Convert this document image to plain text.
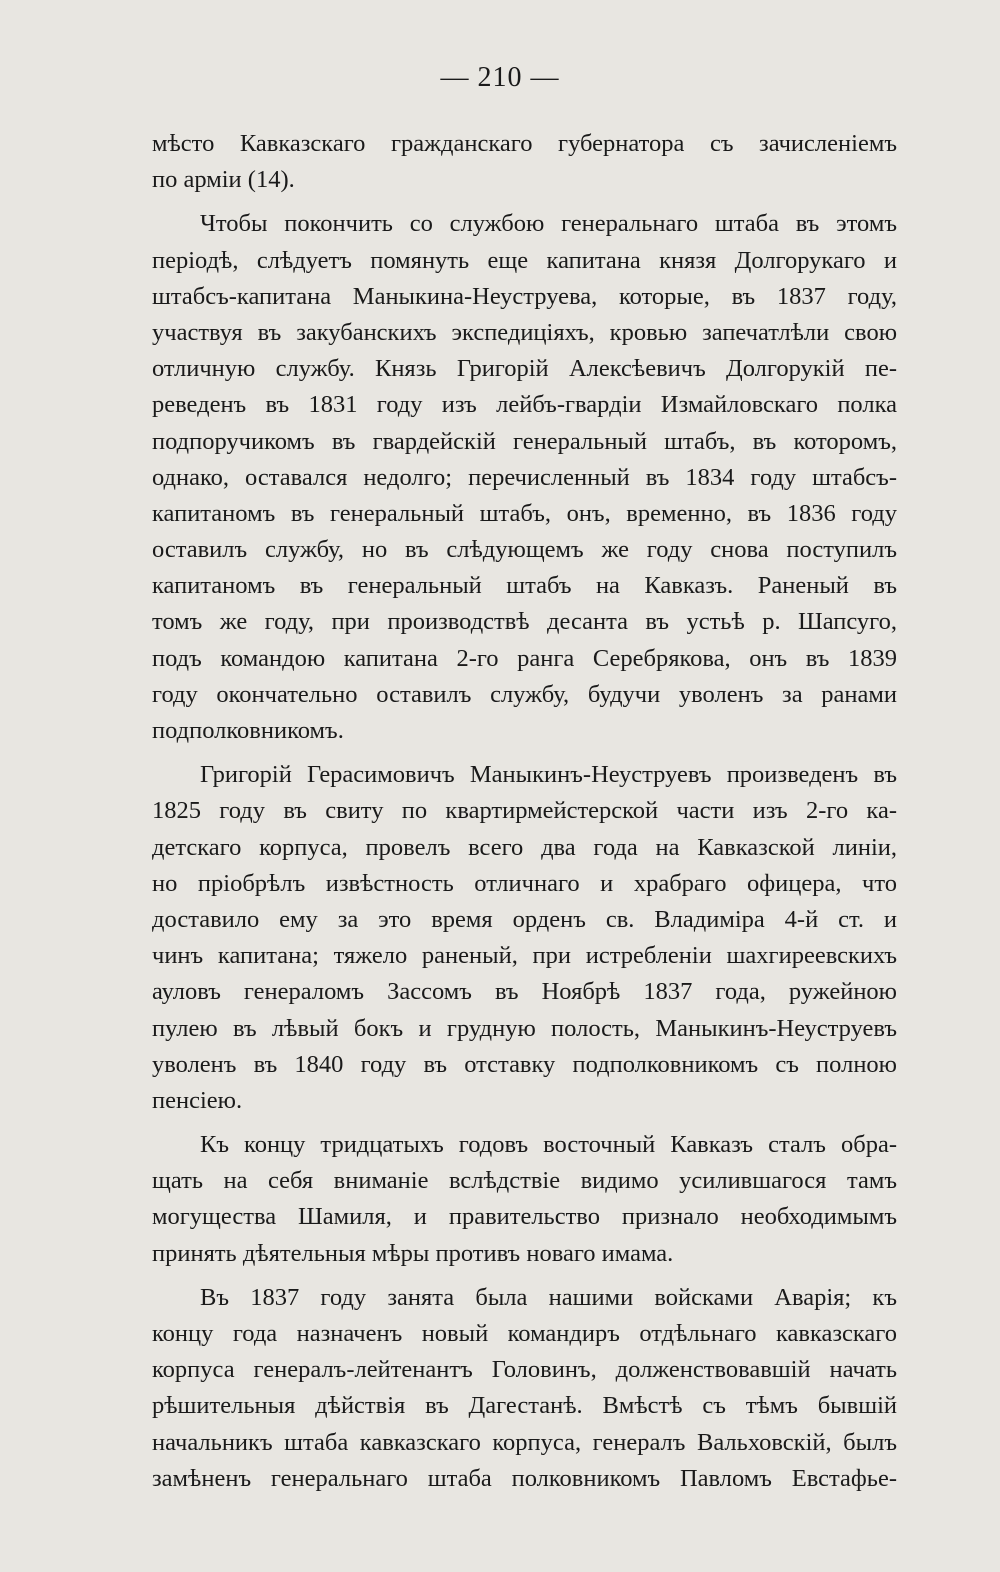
— 210 —
мѣсто Кавказскаго гражданскаго губернатора съ зачисленіемъ
по арміи (14).
Чтобы покончить со службою генеральнаго штаба въ этомъ
періодѣ, слѣдуетъ помянуть еще капитана князя Долгорукаго и
штабсъ-капитана Маныкина-Неуструева, которые, въ 1837 году,
участвуя въ закубанскихъ экспедиціяхъ, кровью запечатлѣли свою
отличную службу. Князь Григорій Алексѣевичъ Долгорукій пе-
реведенъ въ 1831 году изъ лейбъ-гвардіи Измайловскаго полка
подпоручикомъ въ гвардейскій генеральный штабъ, въ которомъ,
однако, оставался недолго; перечисленный въ 1834 году штабсъ-
капитаномъ въ генеральный штабъ, онъ, временно, въ 1836 году
оставилъ службу, но въ слѣдующемъ же году снова поступилъ
капитаномъ въ генеральный штабъ на Кавказъ. Раненый въ
томъ же году, при производствѣ десанта въ устьѣ р. Шапсуго,
подъ командою капитана 2-го ранга Серебрякова, онъ въ 1839
году окончательно оставилъ службу, будучи уволенъ за ранами
подполковникомъ.
Григорій Герасимовичъ Маныкинъ-Неуструевъ произведенъ въ
1825 году въ свиту по квартирмейстерской части изъ 2-го ка-
детскаго корпуса, провелъ всего два года на Кавказской линіи,
но пріобрѣлъ извѣстность отличнаго и храбраго офицера, что
доставило ему за это время орденъ св. Владиміра 4-й ст. и
чинъ капитана; тяжело раненый, при истребленіи шахгиреевскихъ
ауловъ генераломъ Зассомъ въ Ноябрѣ 1837 года, ружейною
пулею въ лѣвый бокъ и грудную полость, Маныкинъ-Неуструевъ
уволенъ въ 1840 году въ отставку подполковникомъ съ полною
пенсіею.
Къ концу тридцатыхъ годовъ восточный Кавказъ сталъ обра-
щать на себя вниманіе вслѣдствіе видимо усилившагося тамъ
могущества Шамиля, и правительство признало необходимымъ
принять дѣятельныя мѣры противъ новаго имама.
Въ 1837 году занята была нашими войсками Аварія; къ
концу года назначенъ новый командиръ отдѣльнаго кавказскаго
корпуса генералъ-лейтенантъ Головинъ, долженствовавшій начать
рѣшительныя дѣйствія въ Дагестанѣ. Вмѣстѣ съ тѣмъ бывшій
начальникъ штаба кавказскаго корпуса, генералъ Вальховскій, былъ
замѣненъ генеральнаго штаба полковникомъ Павломъ Евстафье-
